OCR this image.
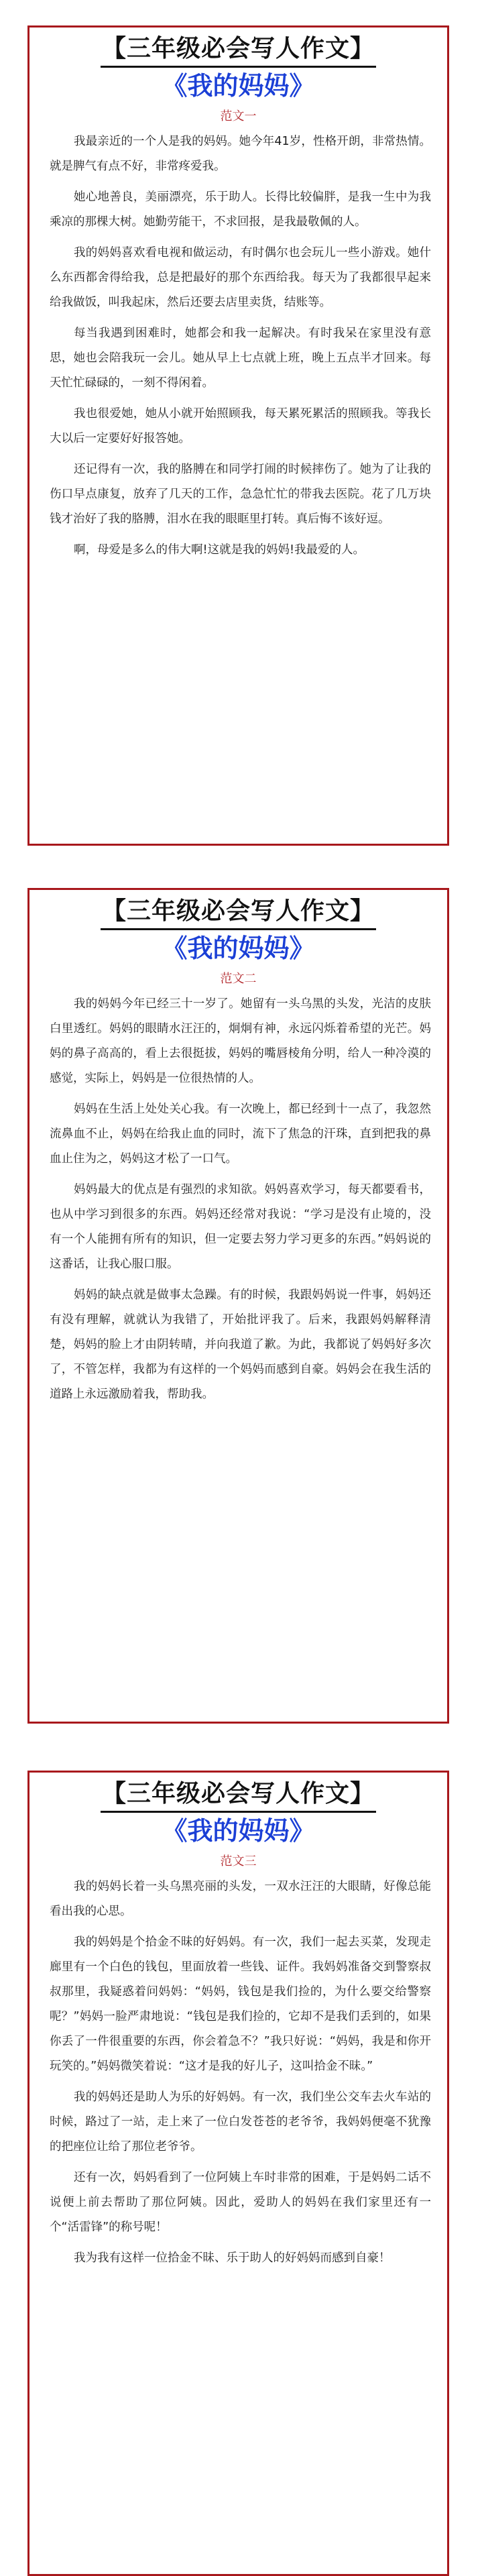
【三年级必会写人作文】
《我的妈妈》
范文一

我最亲近的一个人是我的妈妈。她今年41岁，性格开朗，非常热情。就是脾气有点不好，非常疼爱我。

她心地善良，美丽漂亮，乐于助人。长得比较偏胖，是我一生中为我乘凉的那棵大树。她勤劳能干，不求回报，是我最敬佩的人。

我的妈妈喜欢看电视和做运动，有时偶尔也会玩儿一些小游戏。她什么东西都舍得给我，总是把最好的那个东西给我。每天为了我都很早起来给我做饭，叫我起床，然后还要去店里卖货，结账等。

每当我遇到困难时，她都会和我一起解决。有时我呆在家里没有意思，她也会陪我玩一会儿。她从早上七点就上班，晚上五点半才回来。每天忙忙碌碌的，一刻不得闲着。

我也很爱她，她从小就开始照顾我，每天累死累活的照顾我。等我长大以后一定要好好报答她。

还记得有一次，我的胳膊在和同学打闹的时候摔伤了。她为了让我的伤口早点康复，放弃了几天的工作，急急忙忙的带我去医院。花了几万块钱才治好了我的胳膊，泪水在我的眼眶里打转。真后悔不该好逗。

啊，母爱是多么的伟大啊!这就是我的妈妈!我最爱的人。

【三年级必会写人作文】
《我的妈妈》
范文二

我的妈妈今年已经三十一岁了。她留有一头乌黑的头发，光洁的皮肤白里透红。妈妈的眼睛水汪汪的，炯炯有神，永远闪烁着希望的光芒。妈妈的鼻子高高的，看上去很挺拔，妈妈的嘴唇棱角分明，给人一种冷漠的感觉，实际上，妈妈是一位很热情的人。

妈妈在生活上处处关心我。有一次晚上，都已经到十一点了，我忽然流鼻血不止，妈妈在给我止血的同时，流下了焦急的汗珠，直到把我的鼻血止住为之，妈妈这才松了一口气。

妈妈最大的优点是有强烈的求知欲。妈妈喜欢学习，每天都要看书，也从中学习到很多的东西。妈妈还经常对我说：“学习是没有止境的，没有一个人能拥有所有的知识，但一定要去努力学习更多的东西。”妈妈说的这番话，让我心服口服。

妈妈的缺点就是做事太急躁。有的时候，我跟妈妈说一件事，妈妈还有没有理解，就就认为我错了，开始批评我了。后来，我跟妈妈解释清楚，妈妈的脸上才由阴转晴，并向我道了歉。为此，我都说了妈妈好多次了，不管怎样，我都为有这样的一个妈妈而感到自豪。妈妈会在我生活的道路上永远激励着我，帮助我。

【三年级必会写人作文】
《我的妈妈》
范文三

我的妈妈长着一头乌黑亮丽的头发，一双水汪汪的大眼睛，好像总能看出我的心思。

我的妈妈是个拾金不昧的好妈妈。有一次，我们一起去买菜，发现走廊里有一个白色的钱包，里面放着一些钱、证件。我妈妈准备交到警察叔叔那里，我疑惑着问妈妈：“妈妈，钱包是我们捡的，为什么要交给警察呢？”妈妈一脸严肃地说：“钱包是我们捡的，它却不是我们丢到的，如果你丢了一件很重要的东西，你会着急不？”我只好说：“妈妈，我是和你开玩笑的。”妈妈微笑着说：“这才是我的好儿子，这叫拾金不昧。”

我的妈妈还是助人为乐的好妈妈。有一次，我们坐公交车去火车站的时候，路过了一站，走上来了一位白发苍苍的老爷爷，我妈妈便毫不犹豫的把座位让给了那位老爷爷。

还有一次，妈妈看到了一位阿姨上车时非常的困难，于是妈妈二话不说便上前去帮助了那位阿姨。因此，爱助人的妈妈在我们家里还有一个“活雷锋”的称号呢！

我为我有这样一位拾金不昧、乐于助人的好妈妈而感到自豪！
